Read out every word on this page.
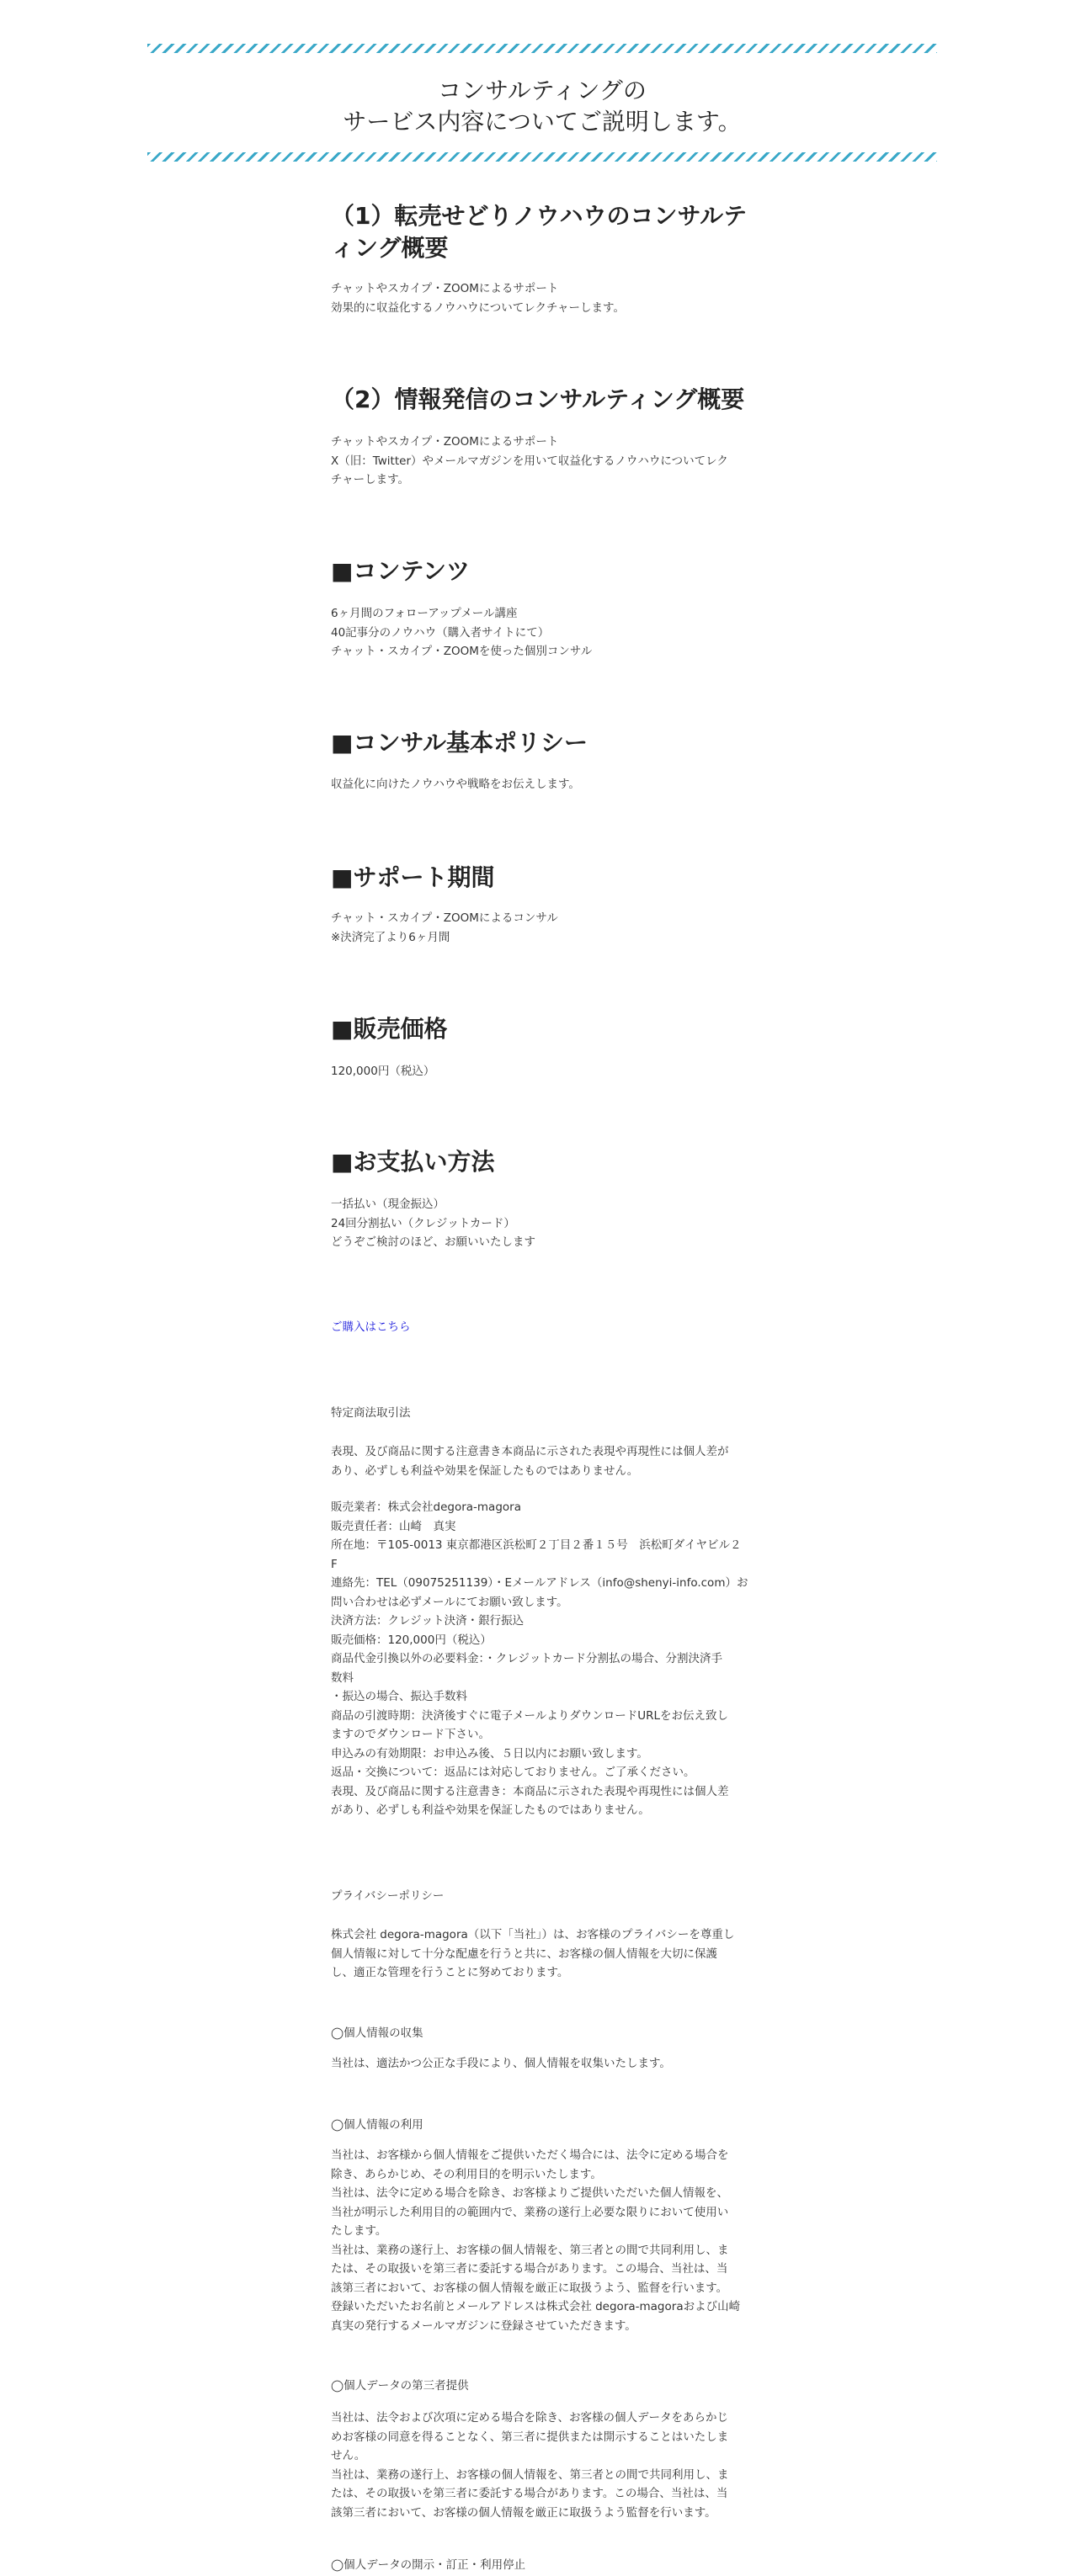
コンサルティングの
サービス内容についてご説明します。
（1）転売せどりノウハウのコンサルテ
ィング概要
チャットやスカイプ・ZOOMによるサポート
効果的に収益化するノウハウについてレクチャーします。
（2）情報発信のコンサルティング概要
チャットやスカイプ・ZOOMによるサポート
X（旧：Twitter）やメールマガジンを用いて収益化するノウハウについてレク
チャーします。
■コンテンツ
6ヶ月間のフォローアップメール講座
40記事分のノウハウ（購入者サイトにて）
チャット・スカイプ・ZOOMを使った個別コンサル
■コンサル基本ポリシー
収益化に向けたノウハウや戦略をお伝えします。
■サポート期間
チャット・スカイプ・ZOOMによるコンサル
※決済完了より6ヶ月間
■販売価格
120,000円（税込）
■お支払い方法
一括払い（現金振込）
24回分割払い（クレジットカード）
どうぞご検討のほど、お願いいたします
ご購入はこちら
特定商法取引法
表現、及び商品に関する注意書き本商品に示された表現や再現性には個人差が
あり、必ずしも利益や効果を保証したものではありません。
販売業者：株式会社degora-magora
販売責任者：山崎　真実
所在地：〒105-0013 東京都港区浜松町２丁目２番１５号　浜松町ダイヤビル２
F
連絡先：TEL（09075251139）・Eメールアドレス（info@shenyi-info.com）お
問い合わせは必ずメールにてお願い致します。
決済方法：クレジット決済・銀行振込
販売価格：120,000円（税込）
商品代金引換以外の必要料金：・クレジットカード分割払の場合、分割決済手
数料
・振込の場合、振込手数料
商品の引渡時期：決済後すぐに電子メールよりダウンロードURLをお伝え致し
ますのでダウンロード下さい。
申込みの有効期限：お申込み後、５日以内にお願い致します。
返品・交換について：返品には対応しておりません。ご了承ください。
表現、及び商品に関する注意書き：本商品に示された表現や再現性には個人差
があり、必ずしも利益や効果を保証したものではありません。
プライバシーポリシー
株式会社 degora-magora（以下「当社」）は、お客様のプライバシーを尊重し
個人情報に対して十分な配慮を行うと共に、お客様の個人情報を大切に保護
し、適正な管理を行うことに努めております。
◯個人情報の収集
当社は、適法かつ公正な手段により、個人情報を収集いたします。
◯個人情報の利用
当社は、お客様から個人情報をご提供いただく場合には、法令に定める場合を
除き、あらかじめ、その利用目的を明示いたします。
当社は、法令に定める場合を除き、お客様よりご提供いただいた個人情報を、
当社が明示した利用目的の範囲内で、業務の遂行上必要な限りにおいて使用い
たします。
当社は、業務の遂行上、お客様の個人情報を、第三者との間で共同利用し、ま
たは、その取扱いを第三者に委託する場合があります。この場合、当社は、当
該第三者において、お客様の個人情報を厳正に取扱うよう、監督を行います。
登録いただいたお名前とメールアドレスは株式会社 degora-magoraおよび山崎
真実の発行するメールマガジンに登録させていただきます。
◯個人データの第三者提供
当社は、法令および次項に定める場合を除き、お客様の個人データをあらかじ
めお客様の同意を得ることなく、第三者に提供または開示することはいたしま
せん。
当社は、業務の遂行上、お客様の個人情報を、第三者との間で共同利用し、ま
たは、その取扱いを第三者に委託する場合があります。この場合、当社は、当
該第三者において、お客様の個人情報を厳正に取扱うよう監督を行います。
◯個人データの開示・訂正・利用停止
